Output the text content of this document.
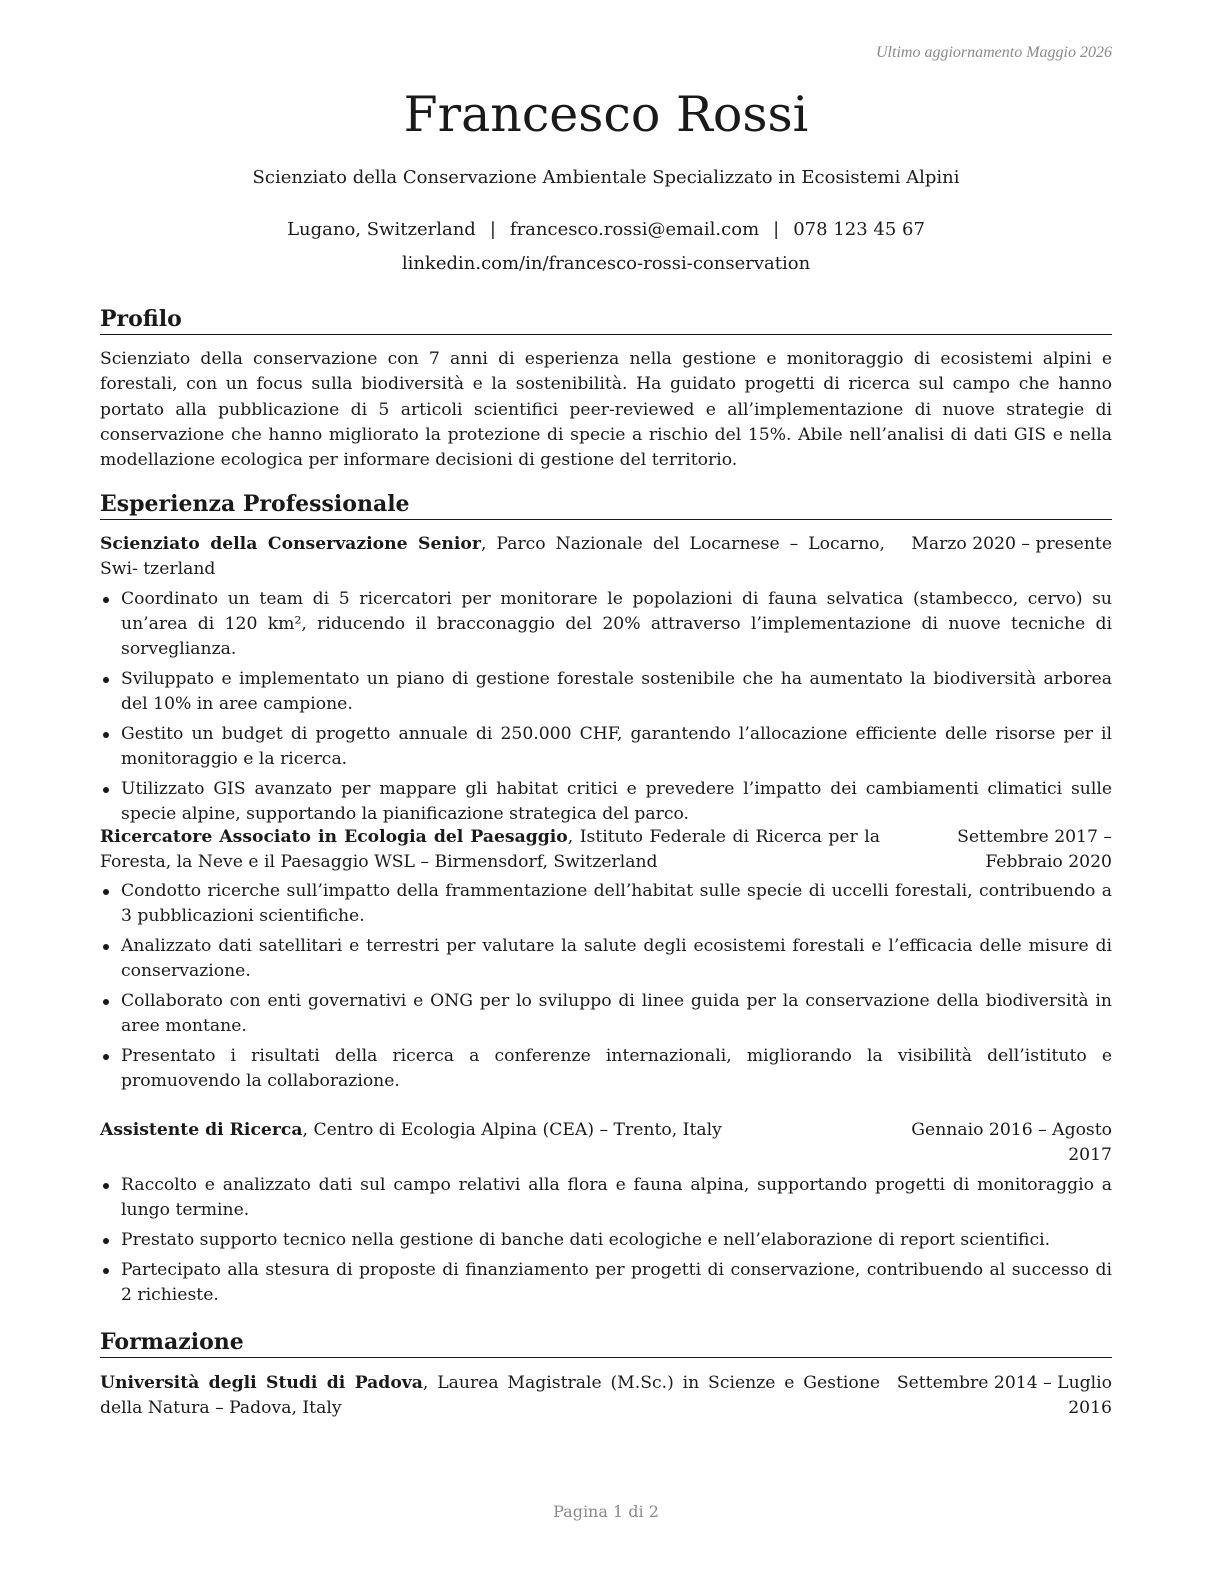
Ultimo aggiornamento Maggio 2026
Francesco Rossi
Scienziato della Conservazione Ambientale Specializzato in Ecosistemi Alpini
Lugano, Switzerland | francesco.rossi@email.com | 078 123 45 67
linkedin.com/in/francesco-rossi-conservation
Profilo
Scienziato della conservazione con 7 anni di esperienza nella gestione e monitoraggio di ecosistemi alpini e forestali, con un focus sulla biodiversità e la sostenibilità. Ha guidato progetti di ricerca sul campo che hanno portato alla pubblicazione di 5 articoli scientifici peer-reviewed e all’implementazione di nuove strategie di conservazione che hanno migliorato la protezione di specie a rischio del 15%. Abile nell’analisi di dati GIS e nella modellazione ecologica per informare decisioni di gestione del territorio.
Esperienza Professionale
Scienziato della Conservazione Senior, Parco Nazionale del Locarnese – Locarno, Swi- tzerland
Marzo 2020 – presente
Coordinato un team di 5 ricercatori per monitorare le popolazioni di fauna selvatica (stambecco, cervo) su un’area di 120 km², riducendo il bracconaggio del 20% attraverso l’implementazione di nuove tecniche di sorveglianza.
Sviluppato e implementato un piano di gestione forestale sostenibile che ha aumentato la biodiversità arborea del 10% in aree campione.
Gestito un budget di progetto annuale di 250.000 CHF, garantendo l’allocazione efficiente delle risorse per il monitoraggio e la ricerca.
Utilizzato GIS avanzato per mappare gli habitat critici e prevedere l’impatto dei cambiamenti climatici sulle specie alpine, supportando la pianificazione strategica del parco.
Ricercatore Associato in Ecologia del Paesaggio, Istituto Federale di Ricerca per la Foresta, la Neve e il Paesaggio WSL – Birmensdorf, Switzerland
Settembre 2017 – Febbraio 2020
Condotto ricerche sull’impatto della frammentazione dell’habitat sulle specie di uccelli forestali, contribuendo a 3 pubblicazioni scientifiche.
Analizzato dati satellitari e terrestri per valutare la salute degli ecosistemi forestali e l’efficacia delle misure di conservazione.
Collaborato con enti governativi e ONG per lo sviluppo di linee guida per la conservazione della biodiversità in aree montane.
Presentato i risultati della ricerca a conferenze internazionali, migliorando la visibilità dell’istituto e promuovendo la collaborazione.
Assistente di Ricerca, Centro di Ecologia Alpina (CEA) – Trento, Italy	Gennaio 2016 – Agosto 2017
Raccolto e analizzato dati sul campo relativi alla flora e fauna alpina, supportando progetti di monitoraggio a lungo termine.
Prestato supporto tecnico nella gestione di banche dati ecologiche e nell’elaborazione di report scientifici.
Partecipato alla stesura di proposte di finanziamento per progetti di conservazione, contribuendo al successo di 2 richieste.
Formazione
Università degli Studi di Padova, Laurea Magistrale (M.Sc.) in Scienze e Gestione della Natura – Padova, Italy
Settembre 2014 – Luglio 2016
Pagina 1 di 2
